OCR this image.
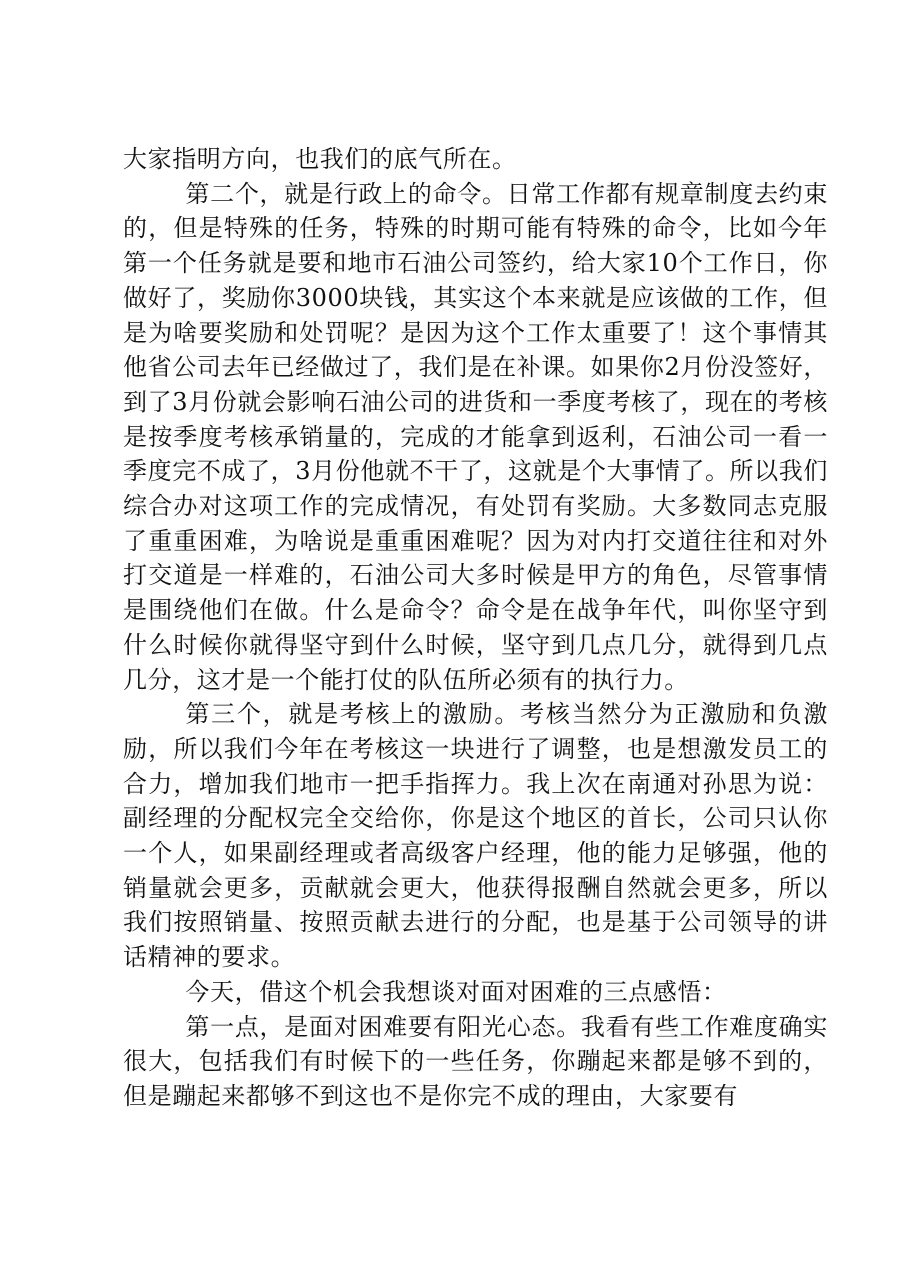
大家指明方向，也我们的底气所在。

第二个，就是行政上的命令。日常工作都有规章制度去约束的，但是特殊的任务，特殊的时期可能有特殊的命令，比如今年第一个任务就是要和地市石油公司签约，给大家10个工作日，你做好了，奖励你3000块钱，其实这个本来就是应该做的工作，但是为啥要奖励和处罚呢？是因为这个工作太重要了！这个事情其他省公司去年已经做过了，我们是在补课。如果你2月份没签好，到了3月份就会影响石油公司的进货和一季度考核了，现在的考核是按季度考核承销量的，完成的才能拿到返利，石油公司一看一季度完不成了，3月份他就不干了，这就是个大事情了。所以我们综合办对这项工作的完成情况，有处罚有奖励。大多数同志克服了重重困难，为啥说是重重困难呢？因为对内打交道往往和对外打交道是一样难的，石油公司大多时候是甲方的角色，尽管事情是围绕他们在做。什么是命令？命令是在战争年代，叫你坚守到什么时候你就得坚守到什么时候，坚守到几点几分，就得到几点几分，这才是一个能打仗的队伍所必须有的执行力。

第三个，就是考核上的激励。考核当然分为正激励和负激励，所以我们今年在考核这一块进行了调整，也是想激发员工的合力，增加我们地市一把手指挥力。我上次在南通对孙思为说：副经理的分配权完全交给你，你是这个地区的首长，公司只认你一个人，如果副经理或者高级客户经理，他的能力足够强，他的销量就会更多，贡献就会更大，他获得报酬自然就会更多，所以我们按照销量、按照贡献去进行的分配，也是基于公司领导的讲话精神的要求。

今天，借这个机会我想谈对面对困难的三点感悟：

第一点，是面对困难要有阳光心态。我看有些工作难度确实很大，包括我们有时候下的一些任务，你蹦起来都是够不到的，但是蹦起来都够不到这也不是你完不成的理由，大家要有
